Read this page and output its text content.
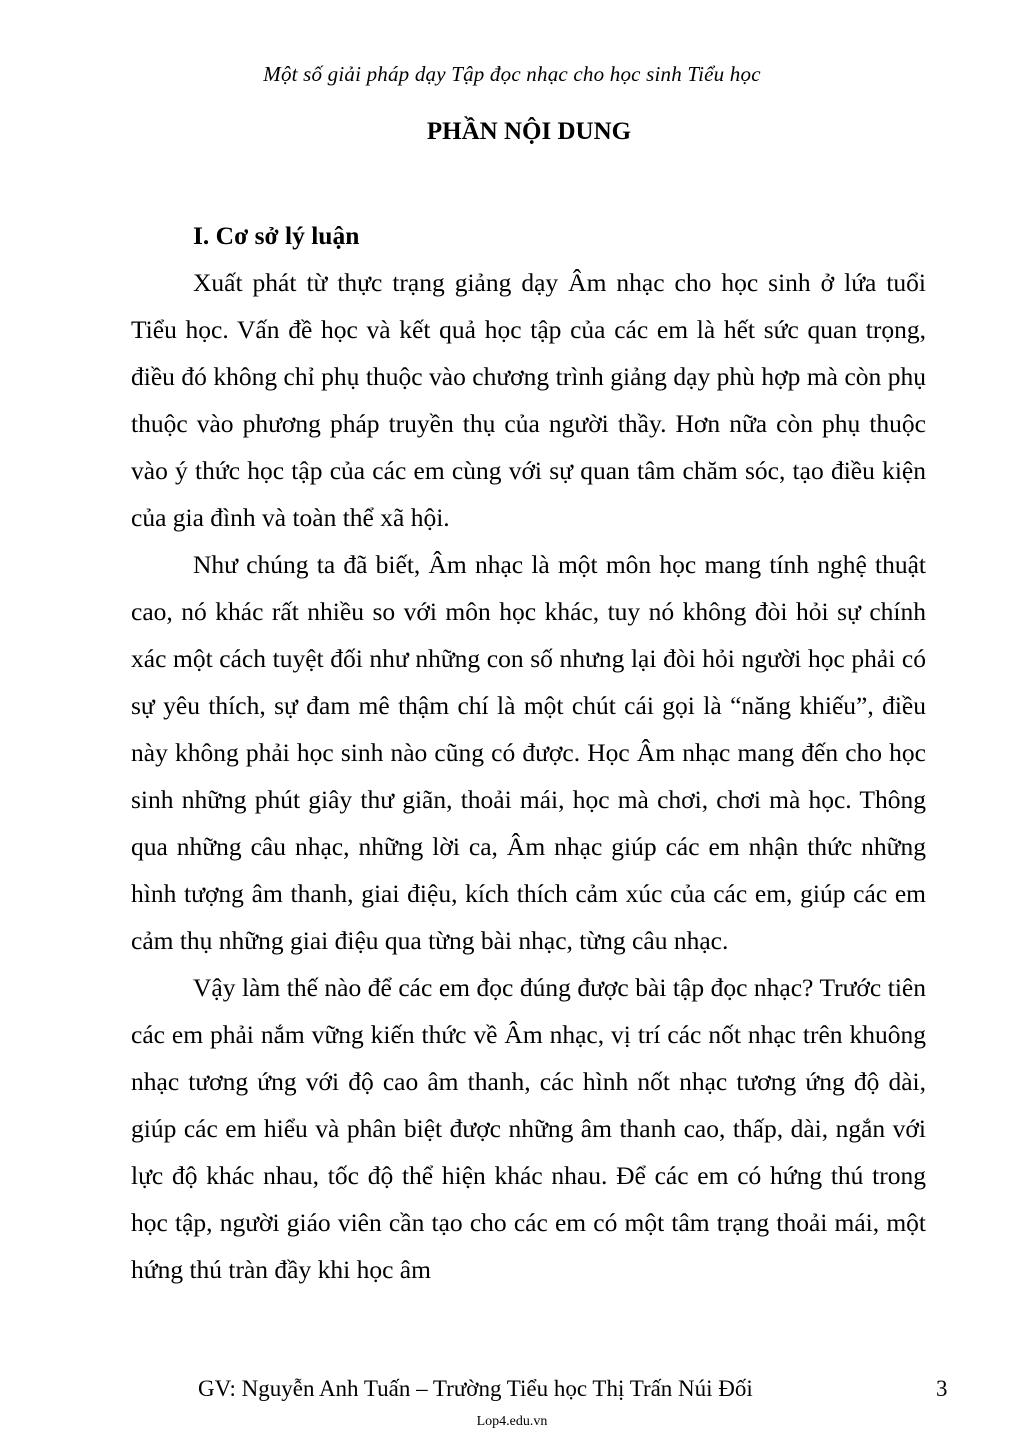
Một số giải pháp dạy Tập đọc nhạc cho học sinh Tiểu học
PHẦN NỘI DUNG

I. Cơ sở lý luận

Xuất phát từ thực trạng giảng dạy Âm nhạc cho học sinh ở lứa tuổi Tiểu học. Vấn đề học và kết quả học tập của các em là hết sức quan trọng, điều đó không chỉ phụ thuộc vào chương trình giảng dạy phù hợp mà còn phụ thuộc vào phương pháp truyền thụ của người thầy. Hơn nữa còn phụ thuộc vào ý thức học tập của các em cùng với sự quan tâm chăm sóc, tạo điều kiện của gia đình và toàn thể xã hội.

Như chúng ta đã biết, Âm nhạc là một môn học mang tính nghệ thuật cao, nó khác rất nhiều so với môn học khác, tuy nó không đòi hỏi sự chính xác một cách tuyệt đối như những con số nhưng lại đòi hỏi người học phải có sự yêu thích, sự đam mê thậm chí là một chút cái gọi là “năng khiếu”, điều này không phải học sinh nào cũng có được. Học Âm nhạc mang đến cho học sinh những phút giây thư giãn, thoải mái, học mà chơi, chơi mà học. Thông qua những câu nhạc, những lời ca, Âm nhạc giúp các em nhận thức những hình tượng âm thanh, giai điệu, kích thích cảm xúc của các em, giúp các em cảm thụ những giai điệu qua từng bài nhạc, từng câu nhạc.

Vậy làm thế nào để các em đọc đúng được bài tập đọc nhạc? Trước tiên các em phải nắm vững kiến thức về Âm nhạc, vị trí các nốt nhạc trên khuông nhạc tương ứng với độ cao âm thanh, các hình nốt nhạc tương ứng độ dài, giúp các em hiểu và phân biệt được những âm thanh cao, thấp, dài, ngắn với lực độ khác nhau, tốc độ thể hiện khác nhau. Để các em có hứng thú trong học tập, người giáo viên cần tạo cho các em có một tâm trạng thoải mái, một hứng thú tràn đầy khi học âm

GV: Nguyễn Anh Tuấn – Trường Tiểu học Thị Trấn Núi Đối	3
Lop4.edu.vn
